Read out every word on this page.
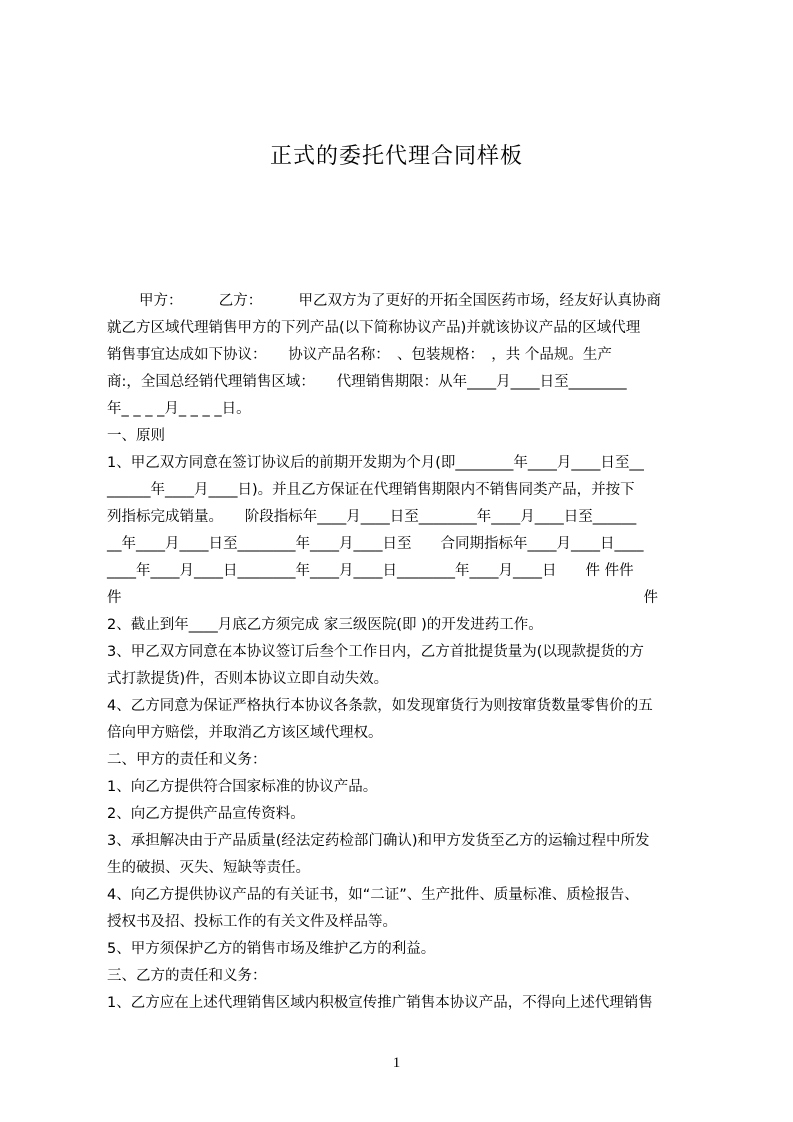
正式的委托代理合同样板
甲方：　　　乙方：　　　甲乙双方为了更好的开拓全国医药市场，经友好认真协商
就乙方区域代理销售甲方的下列产品(以下简称协议产品)并就该协议产品的区域代理
销售事宜达成如下协议：　　协议产品名称：　、包装规格：　，共 个品规。生产
商:，全国总经销代理销售区域：　　代理销售期限：从年____月____日至________
年_ _ _ _月_ _ _ _日。
一、原则
1、甲乙双方同意在签订协议后的前期开发期为个月(即________年____月____日至__
______年____月____日)。并且乙方保证在代理销售期限内不销售同类产品，并按下
列指标完成销量。　　阶段指标年____月____日至________年____月____日至______
__年____月____日至________年____月____日至　　合同期指标年____月____日____
____年____月____日________年____月____日________年____月____日　　件 件件
件　　　　　　　　　　　　　　　　　　　　　　　　　　　　　　　　　　　　件
2、截止到年____月底乙方须完成 家三级医院(即 )的开发进药工作。
3、甲乙双方同意在本协议签订后叁个工作日内，乙方首批提货量为(以现款提货的方
式打款提货)件，否则本协议立即自动失效。
4、乙方同意为保证严格执行本协议各条款，如发现窜货行为则按窜货数量零售价的五
倍向甲方赔偿，并取消乙方该区域代理权。
二、甲方的责任和义务：
1、向乙方提供符合国家标准的协议产品。
2、向乙方提供产品宣传资料。
3、承担解决由于产品质量(经法定药检部门确认)和甲方发货至乙方的运输过程中所发
生的破损、灭失、短缺等责任。
4、向乙方提供协议产品的有关证书，如“二证”、生产批件、质量标准、质检报告、
授权书及招、投标工作的有关文件及样品等。
5、甲方须保护乙方的销售市场及维护乙方的利益。
三、乙方的责任和义务：
1、乙方应在上述代理销售区域内积极宣传推广销售本协议产品，不得向上述代理销售
1
